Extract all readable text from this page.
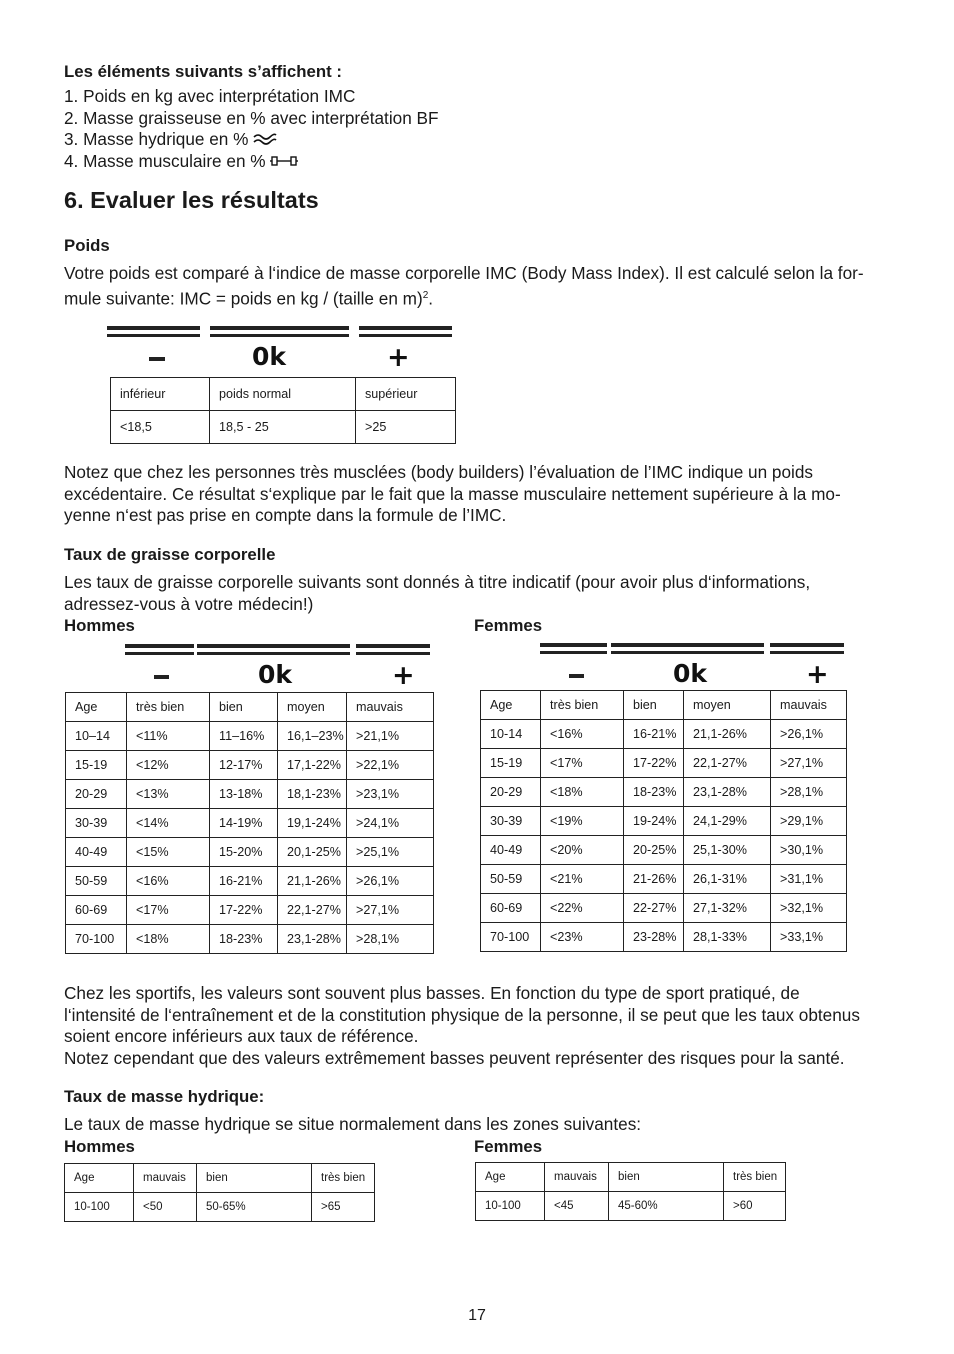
Les éléments suivants s’affichent :
1. Poids en kg avec interprétation IMC
2. Masse graisseuse en % avec interprétation BF
3. Masse hydrique en %
4. Masse musculaire en %
6. Evaluer les résultats
Poids
Votre poids est comparé à l‘indice de masse corporelle IMC (Body Mass Index). Il est calculé selon la for-
mule suivante: IMC = poids en kg / (taille en m)$^2$.
0k	+
inférieur	poids normal	supérieur
<18,5	18,5 - 25	>25
Notez que chez les personnes très musclées (body builders) l’évaluation de l’IMC indique un poids
excédentaire. Ce résultat s‘explique par le fait que la masse musculaire nettement supérieure à la mo-
yenne n‘est pas prise en compte dans la formule de l’IMC.
Taux de graisse corporelle
Les taux de graisse corporelle suivants sont donnés à titre indicatif (pour avoir plus d‘informations,
adressez-vous à votre médecin!)
Hommes	Femmes
0k	+	0k	+
Age	très bien	bien	moyen	mauvais
10–14	<11%	11–16%	16,1–23%	>21,1%
15-19	<12%	12-17%	17,1-22%	>22,1%
20-29	<13%	13-18%	18,1-23%	>23,1%
30-39	<14%	14-19%	19,1-24%	>24,1%
40-49	<15%	15-20%	20,1-25%	>25,1%
50-59	<16%	16-21%	21,1-26%	>26,1%
60-69	<17%	17-22%	22,1-27%	>27,1%
70-100	<18%	18-23%	23,1-28%	>28,1%
Age	très bien	bien	moyen	mauvais
10-14	<16%	16-21%	21,1-26%	>26,1%
15-19	<17%	17-22%	22,1-27%	>27,1%
20-29	<18%	18-23%	23,1-28%	>28,1%
30-39	<19%	19-24%	24,1-29%	>29,1%
40-49	<20%	20-25%	25,1-30%	>30,1%
50-59	<21%	21-26%	26,1-31%	>31,1%
60-69	<22%	22-27%	27,1-32%	>32,1%
70-100	<23%	23-28%	28,1-33%	>33,1%
Chez les sportifs, les valeurs sont souvent plus basses. En fonction du type de sport pratiqué, de
l‘intensité de l‘entraînement et de la constitution physique de la personne, il se peut que les taux obtenus
soient encore inférieurs aux taux de référence.
Notez cependant que des valeurs extrêmement basses peuvent représenter des risques pour la santé.
Taux de masse hydrique:
Le taux de masse hydrique se situe normalement dans les zones suivantes:
Hommes	Femmes
Age	mauvais	bien	très bien
10-100	<50	50-65%	>65
Age	mauvais	bien	très bien
10-100	<45	45-60%	>60
17
